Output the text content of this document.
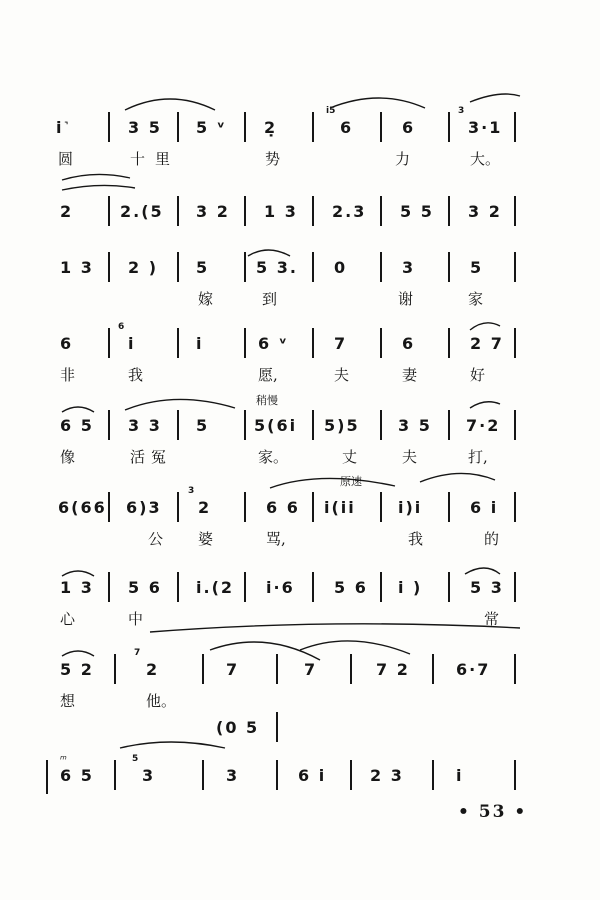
i˺	3 5 5 ᵛ 2̣
i5
6	6
3
3·1
圆	十里	势	力	大。
2	2.(5 3 2 1 3 2.3 5 5 3 2
1 3 2 ) 5	5 3. 0	3	5
嫁	到	谢	家
6
6
i	i	6 ᵛ	7	6	2 7
非	我	愿,	夫	妻	好
稍慢
6 5 3 3 5	5(6i 5)5 3 5 7·2
像	活冤	家。	丈	夫	打,
原速
6(66 6)3
3
2	6 6 i(ii	i)i	6 i
公 婆	骂,	我	的
1 3 5 6 i.(2 i·6 5 6 i )	5 3
心	中	常
5 2
7
2	7	7	7 2	6·7
想	他。
(0 5
ᵐ
6 5
5
3	3	6 i	2 3	i
• 53 •
